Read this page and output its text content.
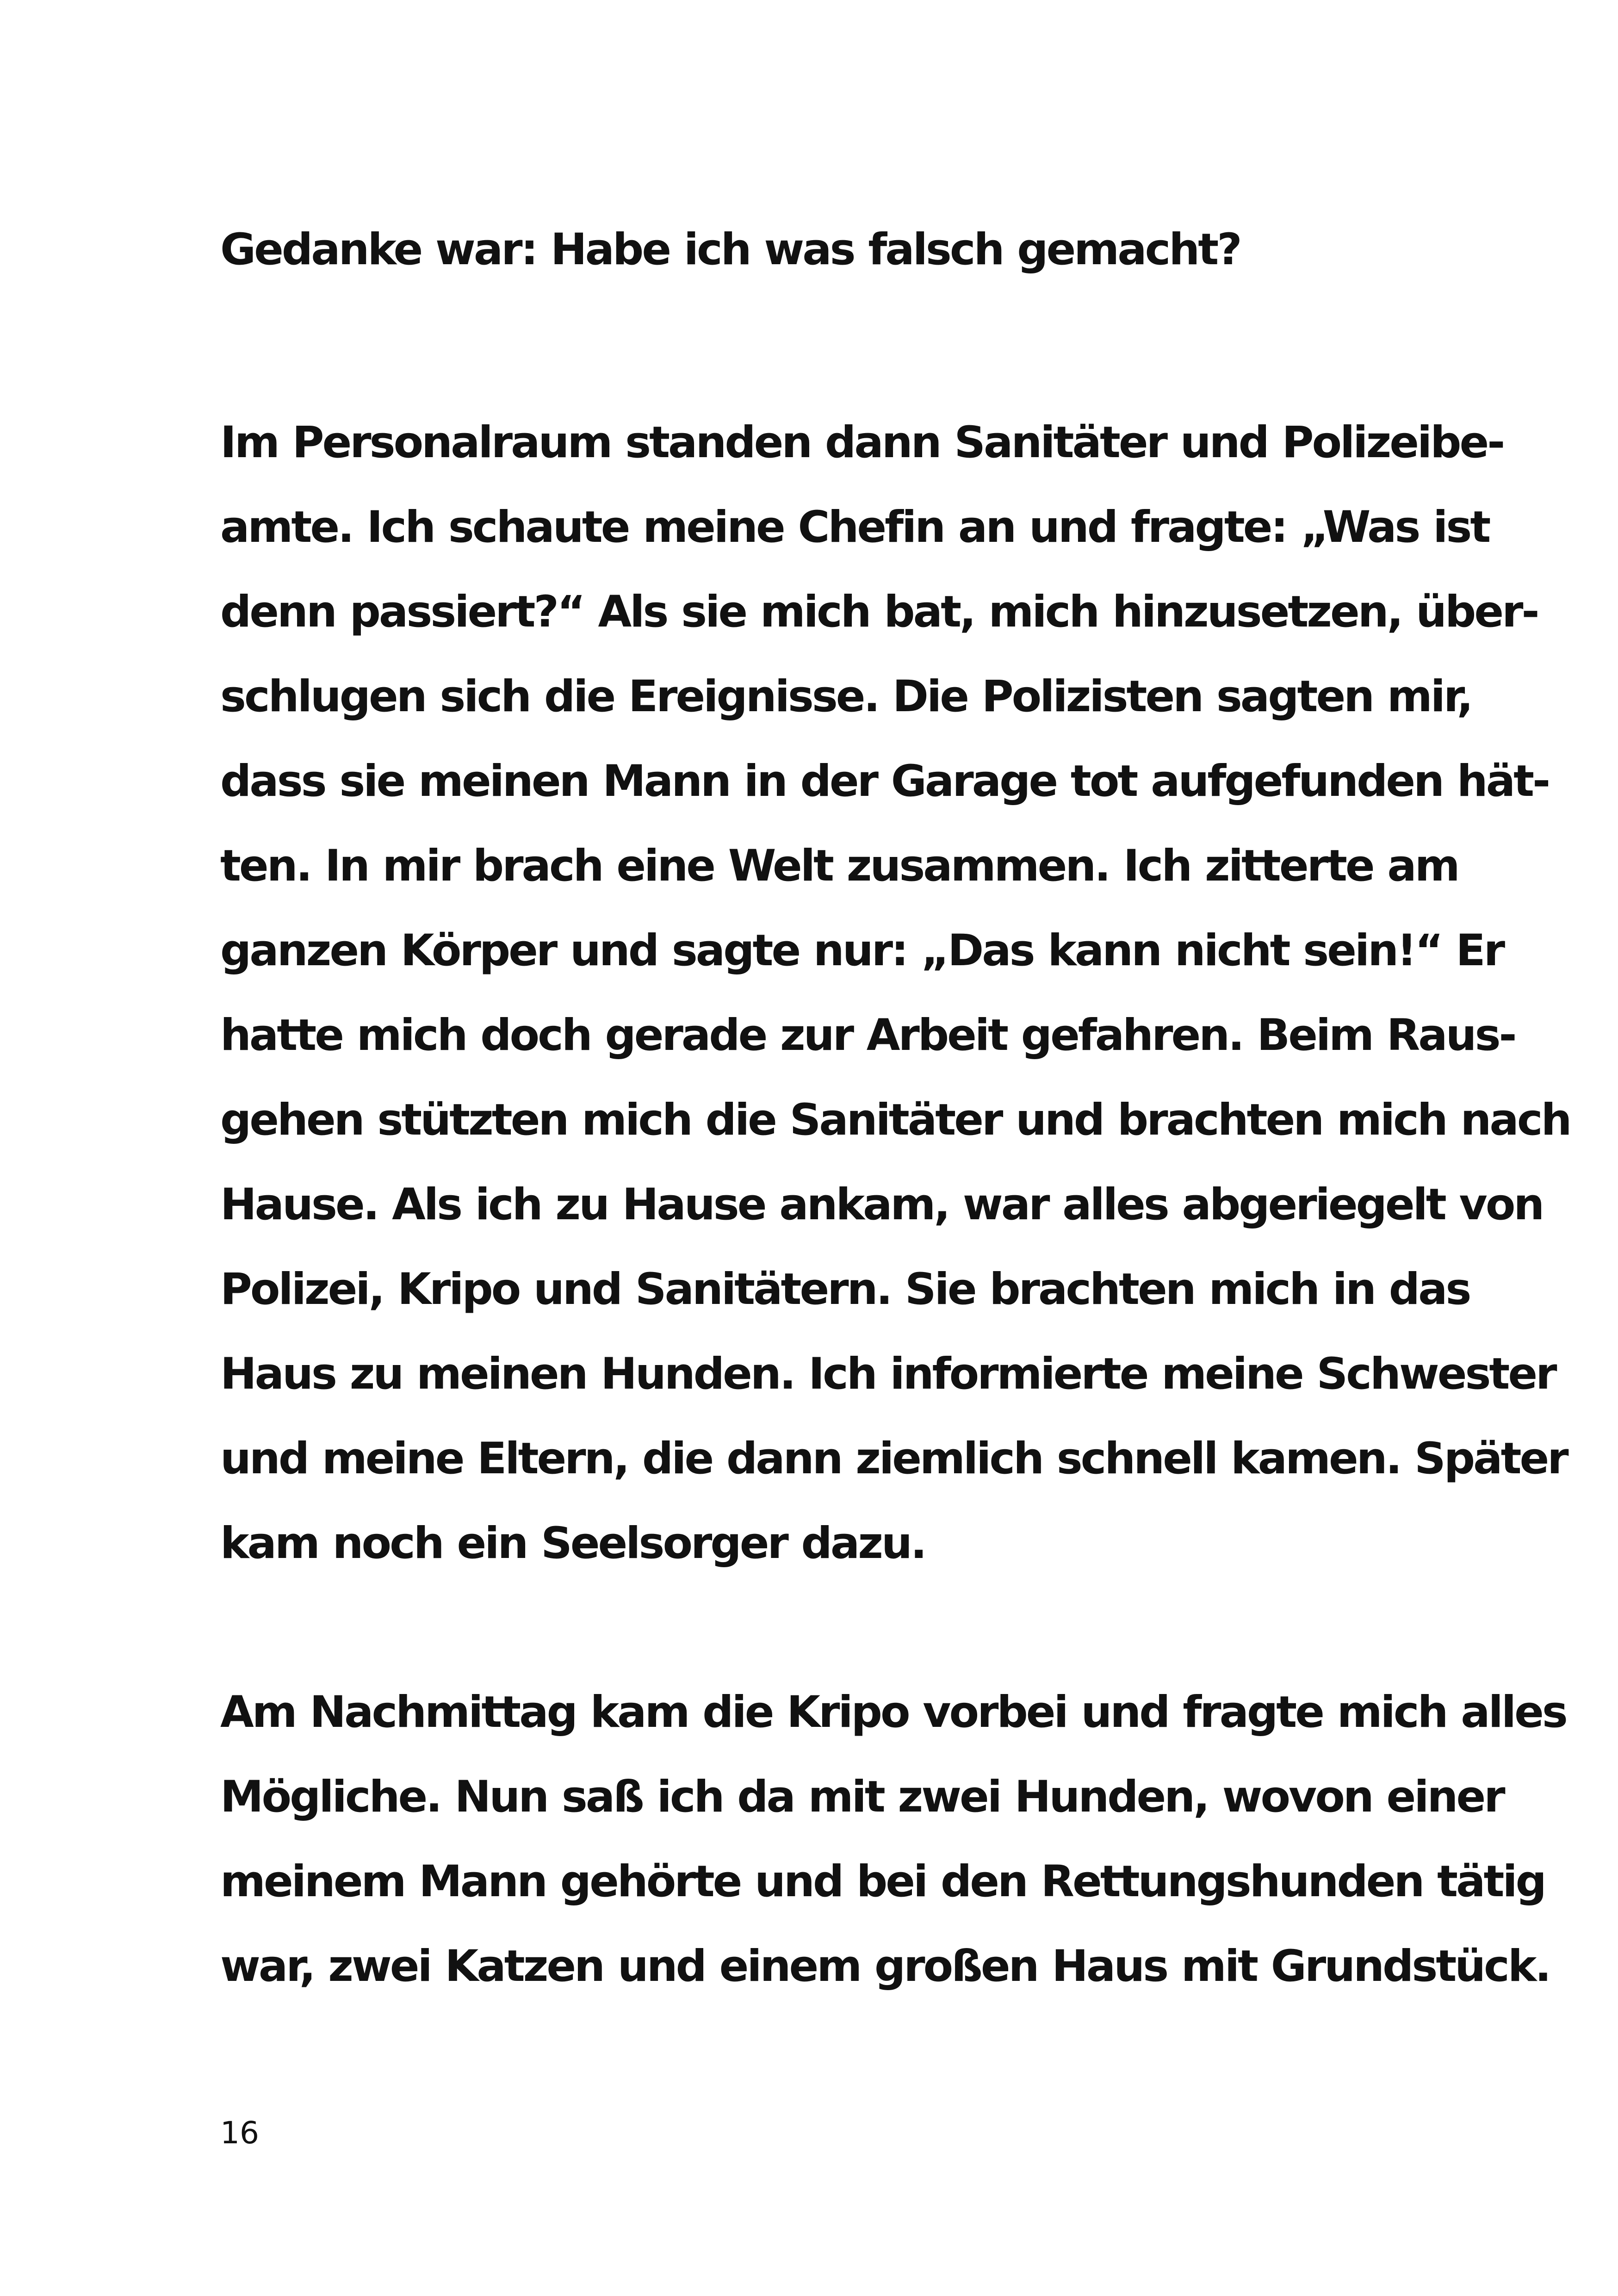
Gedanke war: Habe ich was falsch gemacht?
Im Personalraum standen dann Sanitäter und Polizeibe-
amte. Ich schaute meine Chefin an und fragte: „Was ist
denn passiert?“ Als sie mich bat, mich hinzusetzen, über-
schlugen sich die Ereignisse. Die Polizisten sagten mir,
dass sie meinen Mann in der Garage tot aufgefunden hät-
ten. In mir brach eine Welt zusammen. Ich zitterte am
ganzen Körper und sagte nur: „Das kann nicht sein!“ Er
hatte mich doch gerade zur Arbeit gefahren. Beim Raus-
gehen stützten mich die Sanitäter und brachten mich nach
Hause. Als ich zu Hause ankam, war alles abgeriegelt von
Polizei, Kripo und Sanitätern. Sie brachten mich in das
Haus zu meinen Hunden. Ich informierte meine Schwester
und meine Eltern, die dann ziemlich schnell kamen. Später
kam noch ein Seelsorger dazu.
Am Nachmittag kam die Kripo vorbei und fragte mich alles
Mögliche. Nun saß ich da mit zwei Hunden, wovon einer
meinem Mann gehörte und bei den Rettungshunden tätig
war, zwei Katzen und einem großen Haus mit Grundstück.
16
